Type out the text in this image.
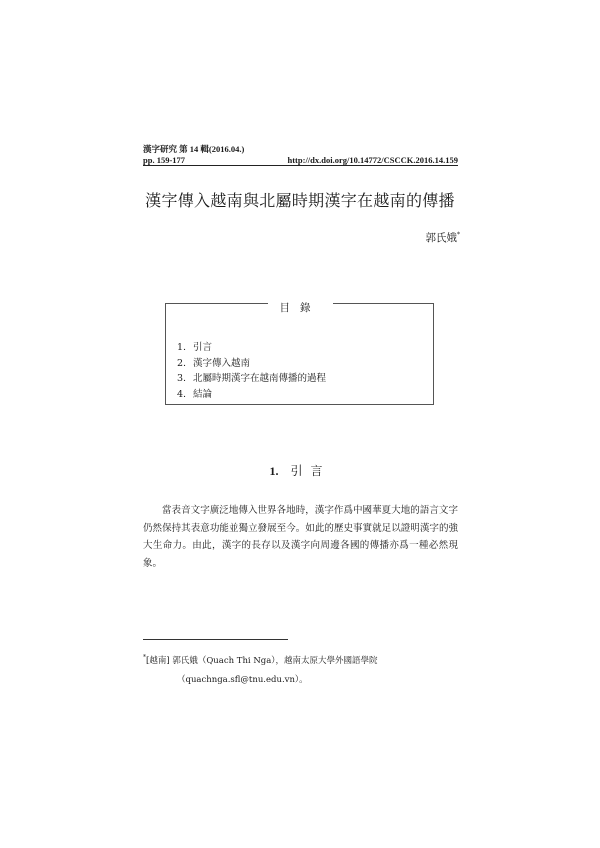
漢字研究 第 14 輯(2016.04.)
pp. 159-177	http://dx.doi.org/10.14772/CSCCK.2016.14.159
漢字傳入越南與北屬時期漢字在越南的傳播
郭氏娥*
目錄
1. 引言
2. 漢字傳入越南
3. 北屬時期漢字在越南傳播的過程
4. 結論
1. 引言

當表音文字廣泛地傳入世界各地時，漢字作爲中國華夏大地的語言文字仍然保持其表意功能並獨立發展至今。如此的歷史事實就足以證明漢字的強大生命力。由此，漢字的長存以及漢字向周邊各國的傳播亦爲一種必然現象。

*[越南] 郭氏娥（Quach Thi Nga），越南太原大學外國語學院
（quachnga.sfl@tnu.edu.vn）。
